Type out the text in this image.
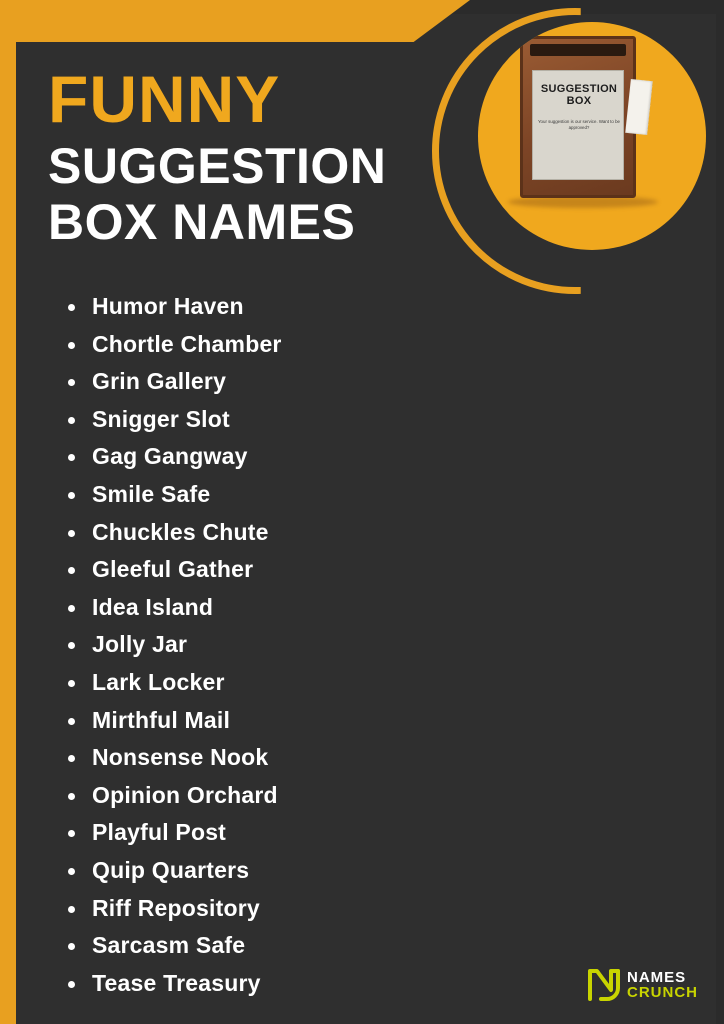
SUGGESTION BOX
Your suggestion is our service. Want to be approved?
FUNNY
SUGGESTION
BOX NAMES
Humor Haven
Chortle Chamber
Grin Gallery
Snigger Slot
Gag Gangway
Smile Safe
Chuckles Chute
Gleeful Gather
Idea Island
Jolly Jar
Lark Locker
Mirthful Mail
Nonsense Nook
Opinion Orchard
Playful Post
Quip Quarters
Riff Repository
Sarcasm Safe
Tease Treasury	NAMES
CRUNCH
